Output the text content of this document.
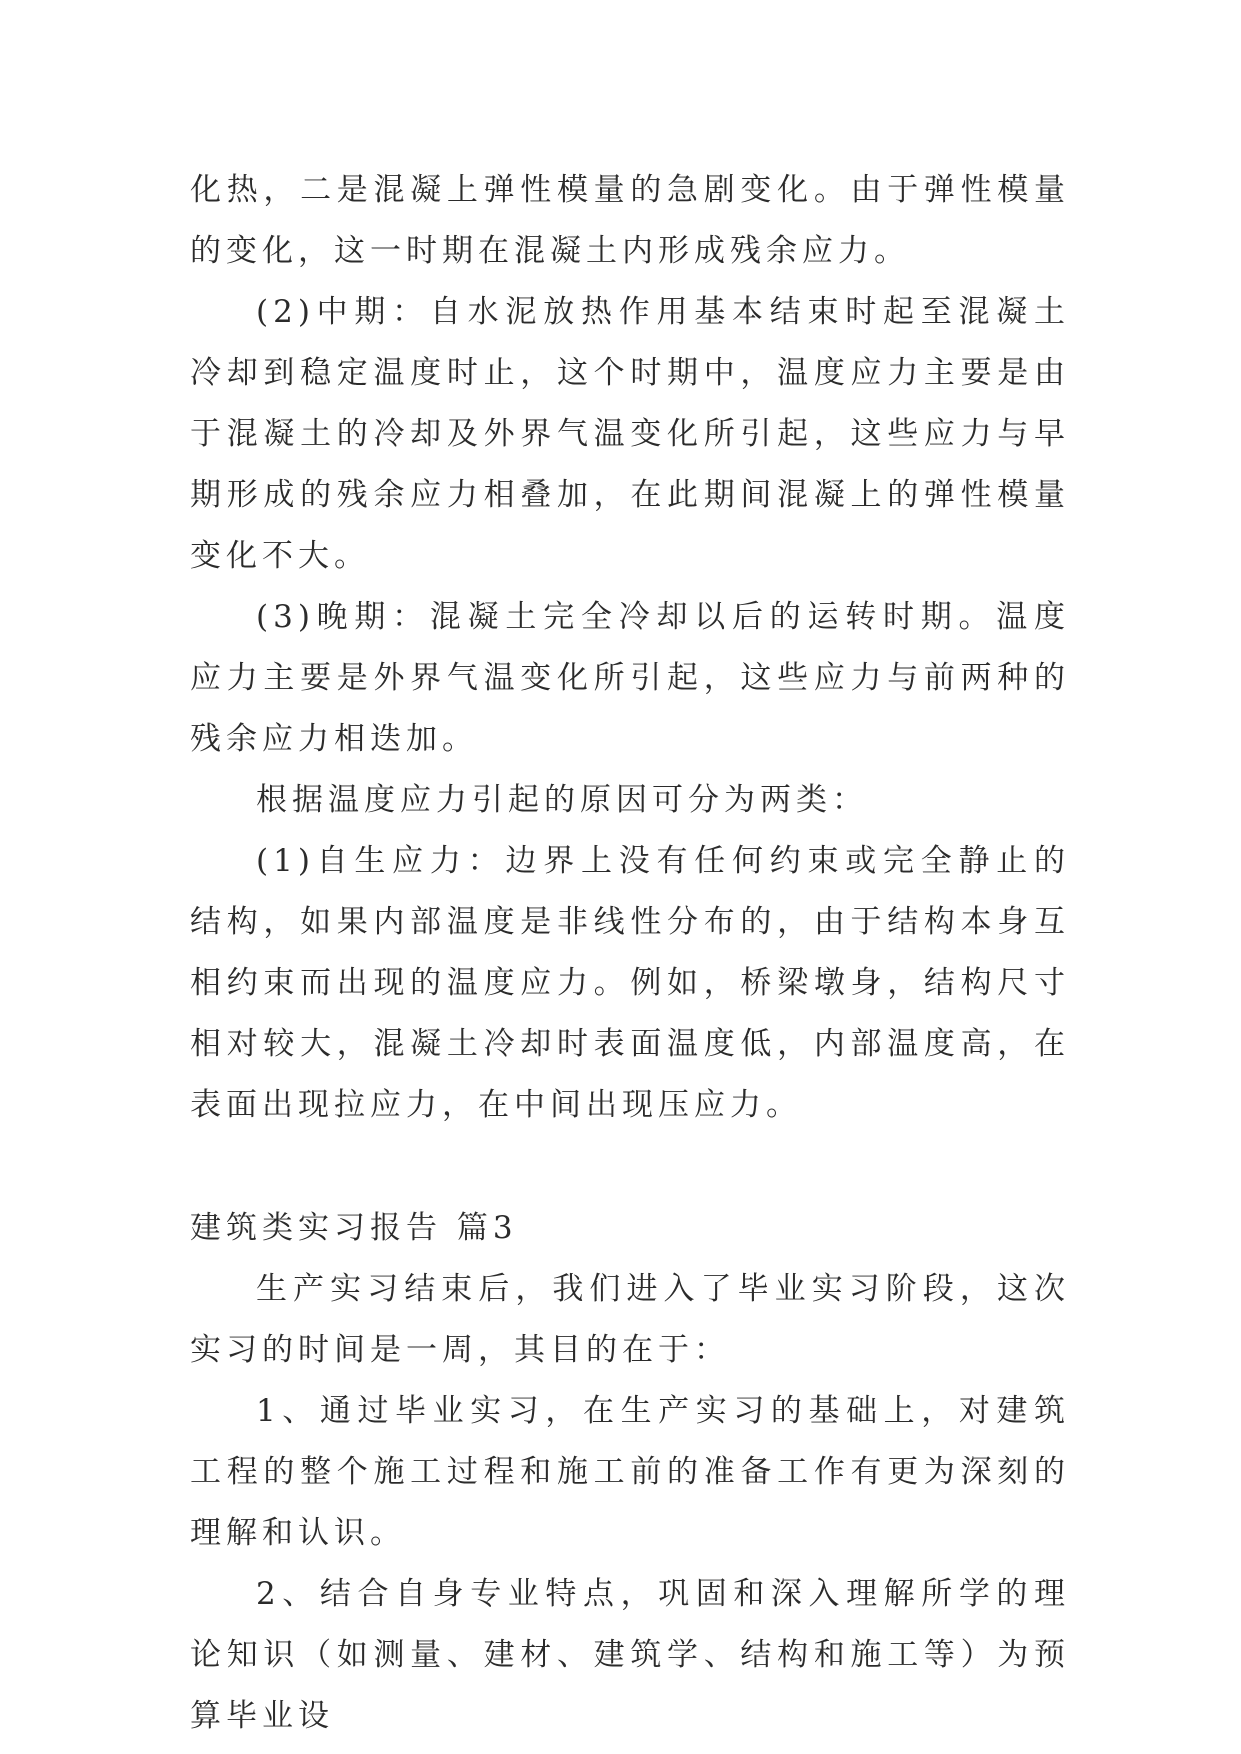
化热，二是混凝上弹性模量的急剧变化。由于弹性模量的变化，这一时期在混凝土内形成残余应力。

(2)中期：自水泥放热作用基本结束时起至混凝土冷却到稳定温度时止，这个时期中，温度应力主要是由于混凝土的冷却及外界气温变化所引起，这些应力与早期形成的残余应力相叠加，在此期间混凝上的弹性模量变化不大。

(3)晚期：混凝土完全冷却以后的运转时期。温度应力主要是外界气温变化所引起，这些应力与前两种的残余应力相迭加。

根据温度应力引起的原因可分为两类：

(1)自生应力：边界上没有任何约束或完全静止的结构，如果内部温度是非线性分布的，由于结构本身互相约束而出现的温度应力。例如，桥梁墩身，结构尺寸相对较大，混凝土冷却时表面温度低，内部温度高，在表面出现拉应力，在中间出现压应力。

建筑类实习报告 篇3

生产实习结束后，我们进入了毕业实习阶段，这次实习的时间是一周，其目的在于：

1、通过毕业实习，在生产实习的基础上，对建筑工程的整个施工过程和施工前的准备工作有更为深刻的理解和认识。

2、结合自身专业特点，巩固和深入理解所学的理论知识（如测量、建材、建筑学、结构和施工等）为预算毕业设
